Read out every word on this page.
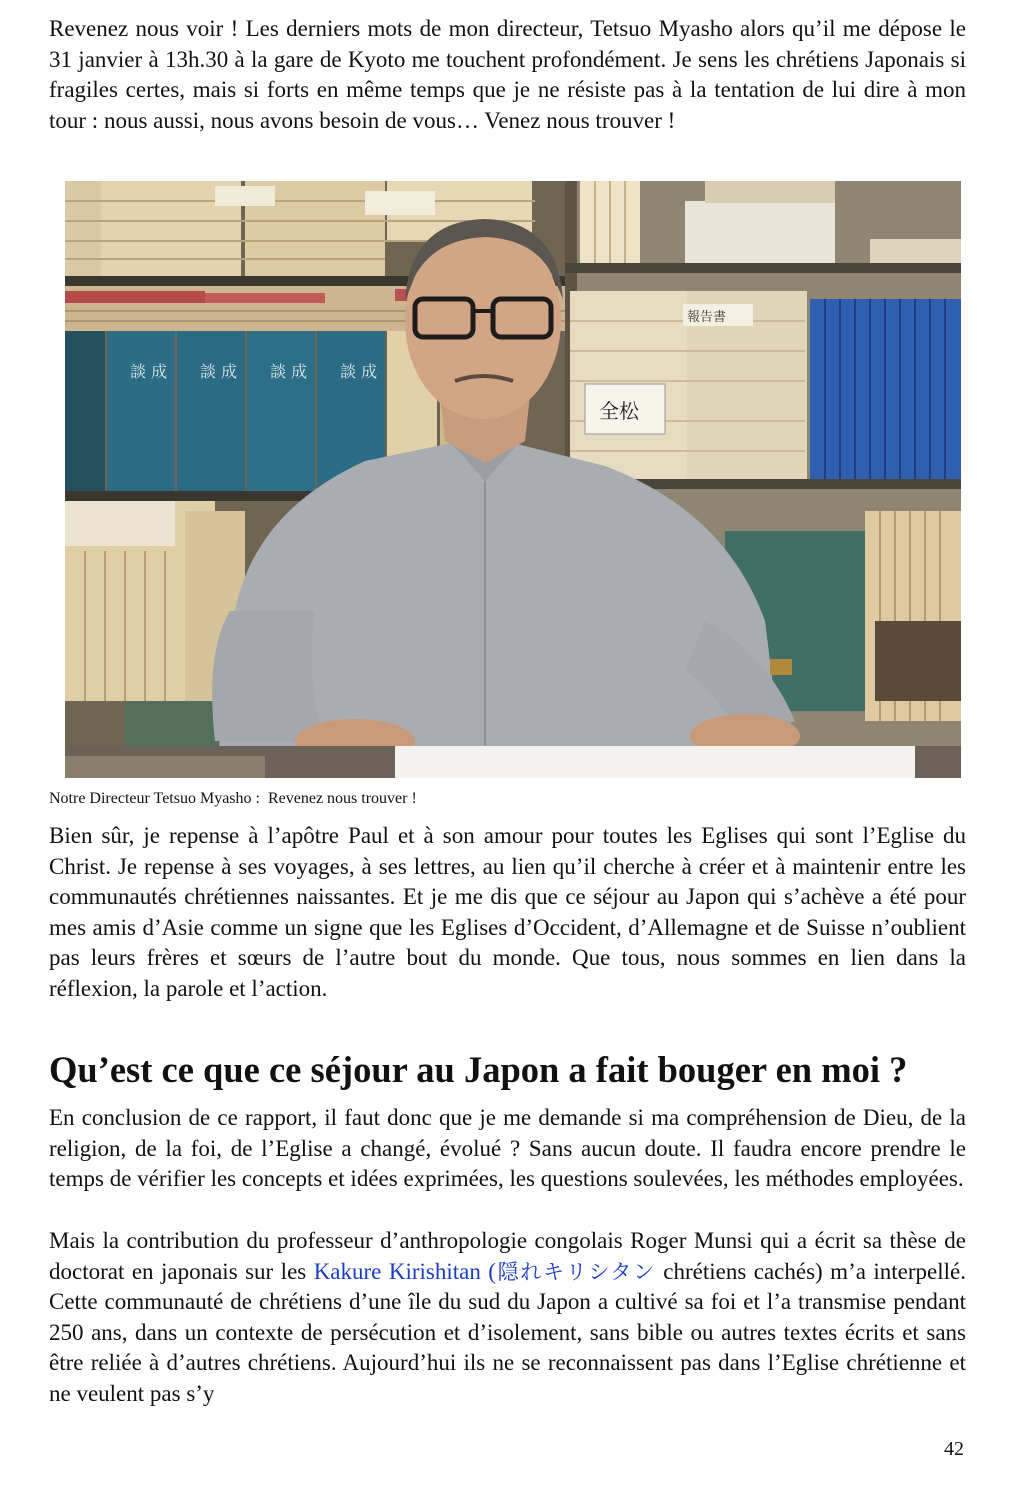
Revenez nous voir ! Les derniers mots de mon directeur, Tetsuo Myasho alors qu’il me dépose le 31 janvier à 13h.30 à la gare de Kyoto me touchent profondément. Je sens les chrétiens Japonais si fragiles certes, mais si forts en même temps que je ne résiste pas à la tentation de lui dire à mon tour : nous aussi, nous avons besoin de vous… Venez nous trouver !

談 成 談 成 談 成
談 成
全松
報告書

Notre Directeur Tetsuo Myasho :  Revenez nous trouver !

Bien sûr, je repense à l’apôtre Paul et à son amour pour toutes les Eglises qui sont l’Eglise du Christ. Je repense à ses voyages, à ses lettres, au lien qu’il cherche à créer et à maintenir entre les communautés chrétiennes naissantes. Et je me dis que ce séjour au Japon qui s’achève a été pour mes amis d’Asie comme un signe que les Eglises d’Occident, d’Allemagne et de Suisse n’oublient pas leurs frères et sœurs de l’autre bout du monde. Que tous, nous sommes en lien dans la réflexion, la parole et l’action.

Qu’est ce que ce séjour au Japon a fait bouger en moi ?

En conclusion de ce rapport, il faut donc que je me demande si ma compréhension de Dieu, de la religion, de la foi, de l’Eglise a changé, évolué ? Sans aucun doute. Il faudra encore prendre le temps de vérifier les concepts et idées exprimées, les questions soulevées, les méthodes employées.

Mais la contribution du professeur d’anthropologie congolais Roger Munsi qui a écrit sa thèse de doctorat en japonais sur les Kakure Kirishitan (隠れキリシタン chrétiens cachés) m’a interpellé. Cette communauté de chrétiens d’une île du sud du Japon a cultivé sa foi et l’a transmise pendant 250 ans, dans un contexte de persécution et d’isolement, sans bible ou autres textes écrits et sans être reliée à d’autres chrétiens. Aujourd’hui ils ne se reconnaissent pas dans l’Eglise chrétienne et ne veulent pas s’y

42
